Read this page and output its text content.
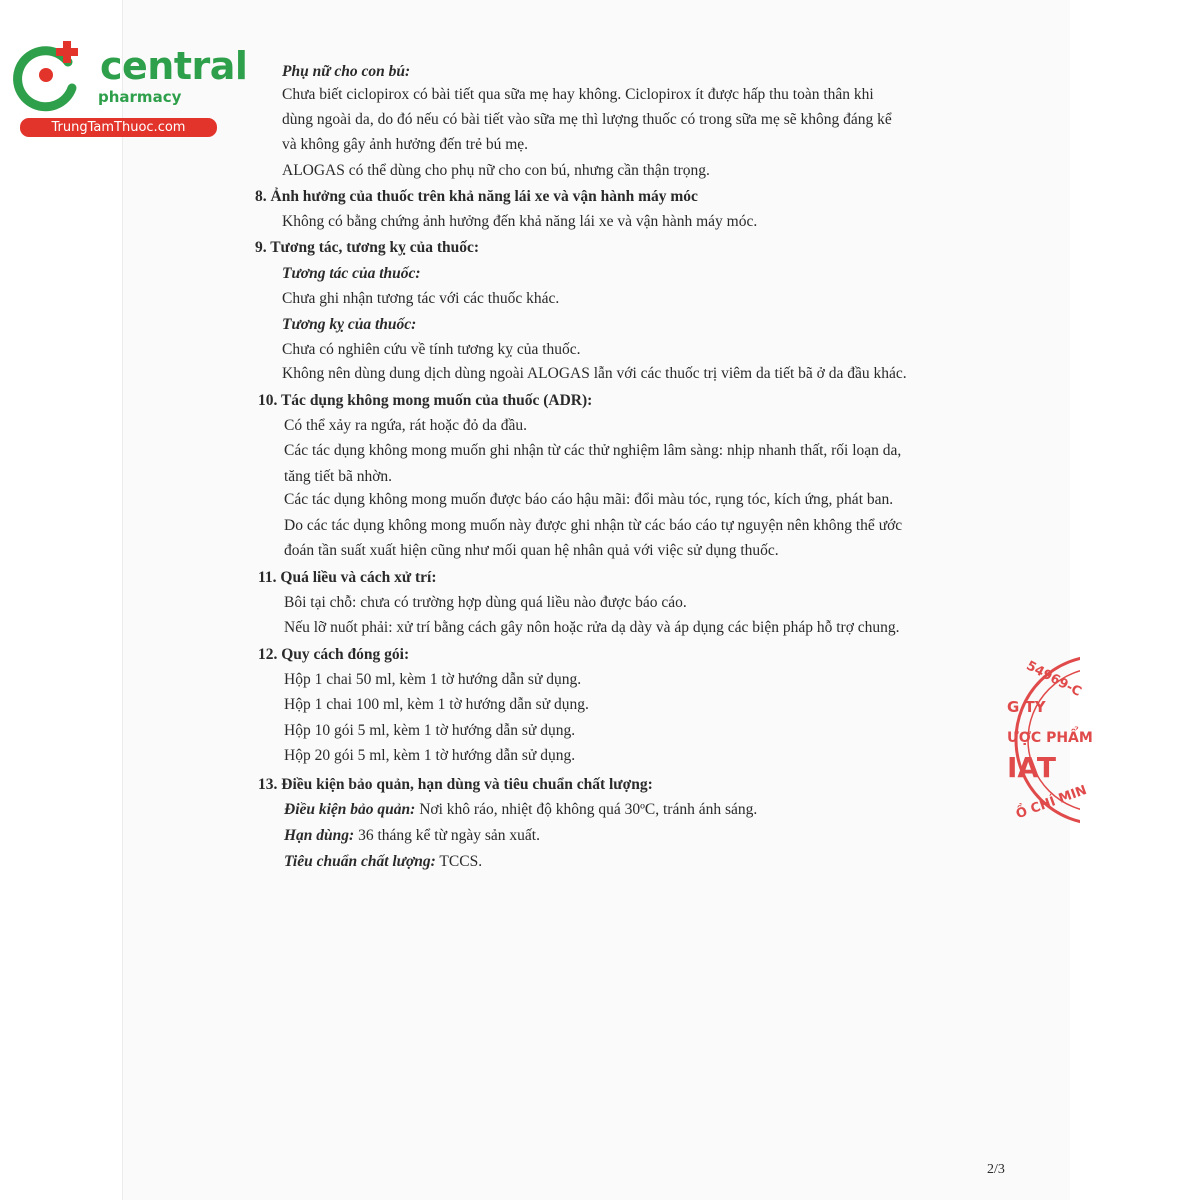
central
pharmacy
TrungTamThuoc.com
Phụ nữ cho con bú:
Chưa biết ciclopirox có bài tiết qua sữa mẹ hay không. Ciclopirox ít được hấp thu toàn thân khi
dùng ngoài da, do đó nếu có bài tiết vào sữa mẹ thì lượng thuốc có trong sữa mẹ sẽ không đáng kể
và không gây ảnh hưởng đến trẻ bú mẹ.
ALOGAS có thể dùng cho phụ nữ cho con bú, nhưng cần thận trọng.
8. Ảnh hưởng của thuốc trên khả năng lái xe và vận hành máy móc
Không có bằng chứng ảnh hưởng đến khả năng lái xe và vận hành máy móc.
9. Tương tác, tương kỵ của thuốc:
Tương tác của thuốc:
Chưa ghi nhận tương tác với các thuốc khác.
Tương kỵ của thuốc:
Chưa có nghiên cứu về tính tương kỵ của thuốc.
Không nên dùng dung dịch dùng ngoài ALOGAS lẫn với các thuốc trị viêm da tiết bã ở da đầu khác.
10. Tác dụng không mong muốn của thuốc (ADR):
Có thể xảy ra ngứa, rát hoặc đỏ da đầu.
Các tác dụng không mong muốn ghi nhận từ các thử nghiệm lâm sàng: nhịp nhanh thất, rối loạn da,
tăng tiết bã nhờn.
Các tác dụng không mong muốn được báo cáo hậu mãi: đổi màu tóc, rụng tóc, kích ứng, phát ban.
Do các tác dụng không mong muốn này được ghi nhận từ các báo cáo tự nguyện nên không thể ước
đoán tần suất xuất hiện cũng như mối quan hệ nhân quả với việc sử dụng thuốc.
11. Quá liều và cách xử trí:
Bôi tại chỗ: chưa có trường hợp dùng quá liều nào được báo cáo.
Nếu lỡ nuốt phải: xử trí bằng cách gây nôn hoặc rửa dạ dày và áp dụng các biện pháp hỗ trợ chung.
12. Quy cách đóng gói:
Hộp 1 chai 50 ml, kèm 1 tờ hướng dẫn sử dụng.
Hộp 1 chai 100 ml, kèm 1 tờ hướng dẫn sử dụng.
Hộp 10 gói 5 ml, kèm 1 tờ hướng dẫn sử dụng.
Hộp 20 gói 5 ml, kèm 1 tờ hướng dẫn sử dụng.
13. Điều kiện bảo quản, hạn dùng và tiêu chuẩn chất lượng:
Điều kiện bảo quản: Nơi khô ráo, nhiệt độ không quá 30ºC, tránh ánh sáng.
Hạn dùng: 36 tháng kể từ ngày sản xuất.
Tiêu chuẩn chất lượng: TCCS.
54969-C
G TY
ƯỢC PHẨM
IAT
Ồ CHÍ MIN
2/3
